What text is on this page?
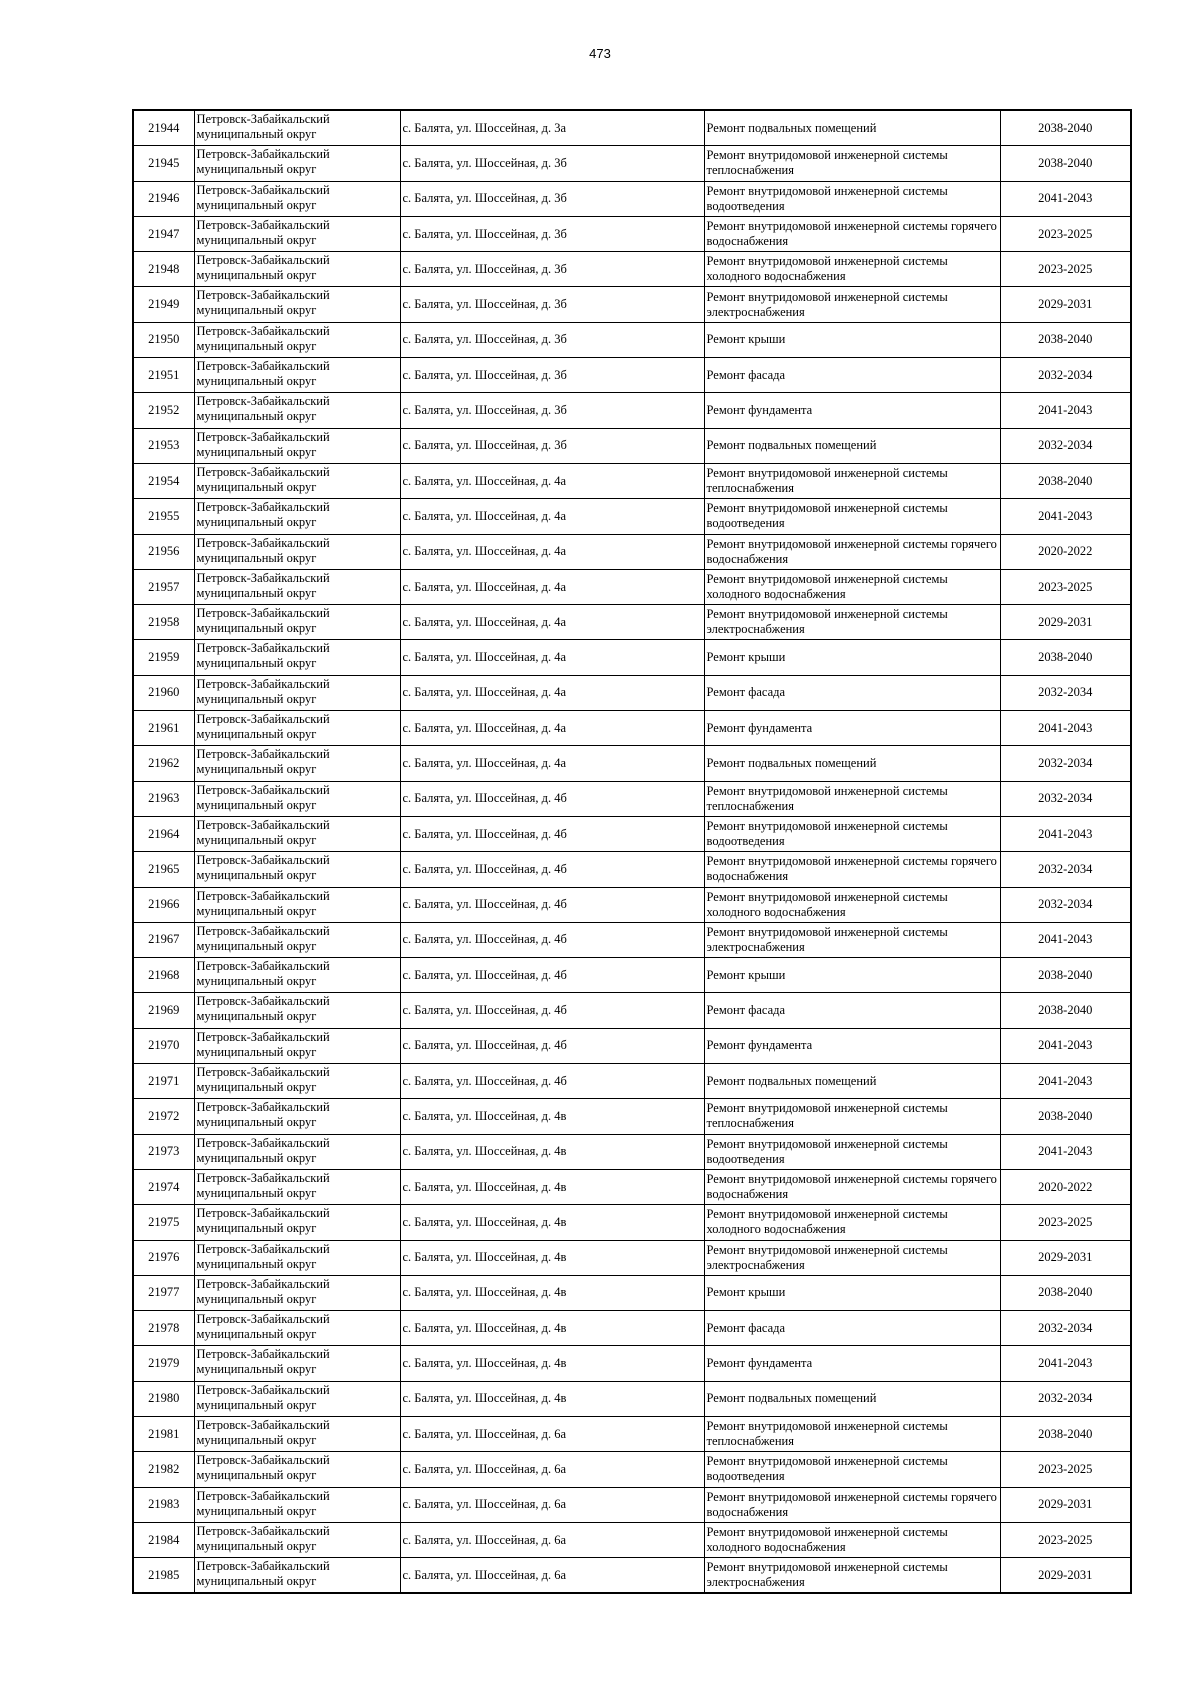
473
21944	Петровск-Забайкальский муниципальный округ	с. Балята, ул. Шоссейная, д. 3а	Ремонт подвальных помещений	2038-2040
21945	Петровск-Забайкальский муниципальный округ	с. Балята, ул. Шоссейная, д. 3б	Ремонт внутридомовой инженерной системы теплоснабжения	2038-2040
21946	Петровск-Забайкальский муниципальный округ	с. Балята, ул. Шоссейная, д. 3б	Ремонт внутридомовой инженерной системы водоотведения	2041-2043
21947	Петровск-Забайкальский муниципальный округ	с. Балята, ул. Шоссейная, д. 3б	Ремонт внутридомовой инженерной системы горячего водоснабжения	2023-2025
21948	Петровск-Забайкальский муниципальный округ	с. Балята, ул. Шоссейная, д. 3б	Ремонт внутридомовой инженерной системы холодного водоснабжения	2023-2025
21949	Петровск-Забайкальский муниципальный округ	с. Балята, ул. Шоссейная, д. 3б	Ремонт внутридомовой инженерной системы электроснабжения	2029-2031
21950	Петровск-Забайкальский муниципальный округ	с. Балята, ул. Шоссейная, д. 3б	Ремонт крыши	2038-2040
21951	Петровск-Забайкальский муниципальный округ	с. Балята, ул. Шоссейная, д. 3б	Ремонт фасада	2032-2034
21952	Петровск-Забайкальский муниципальный округ	с. Балята, ул. Шоссейная, д. 3б	Ремонт фундамента	2041-2043
21953	Петровск-Забайкальский муниципальный округ	с. Балята, ул. Шоссейная, д. 3б	Ремонт подвальных помещений	2032-2034
21954	Петровск-Забайкальский муниципальный округ	с. Балята, ул. Шоссейная, д. 4а	Ремонт внутридомовой инженерной системы теплоснабжения	2038-2040
21955	Петровск-Забайкальский муниципальный округ	с. Балята, ул. Шоссейная, д. 4а	Ремонт внутридомовой инженерной системы водоотведения	2041-2043
21956	Петровск-Забайкальский муниципальный округ	с. Балята, ул. Шоссейная, д. 4а	Ремонт внутридомовой инженерной системы горячего водоснабжения	2020-2022
21957	Петровск-Забайкальский муниципальный округ	с. Балята, ул. Шоссейная, д. 4а	Ремонт внутридомовой инженерной системы холодного водоснабжения	2023-2025
21958	Петровск-Забайкальский муниципальный округ	с. Балята, ул. Шоссейная, д. 4а	Ремонт внутридомовой инженерной системы электроснабжения	2029-2031
21959	Петровск-Забайкальский муниципальный округ	с. Балята, ул. Шоссейная, д. 4а	Ремонт крыши	2038-2040
21960	Петровск-Забайкальский муниципальный округ	с. Балята, ул. Шоссейная, д. 4а	Ремонт фасада	2032-2034
21961	Петровск-Забайкальский муниципальный округ	с. Балята, ул. Шоссейная, д. 4а	Ремонт фундамента	2041-2043
21962	Петровск-Забайкальский муниципальный округ	с. Балята, ул. Шоссейная, д. 4а	Ремонт подвальных помещений	2032-2034
21963	Петровск-Забайкальский муниципальный округ	с. Балята, ул. Шоссейная, д. 4б	Ремонт внутридомовой инженерной системы теплоснабжения	2032-2034
21964	Петровск-Забайкальский муниципальный округ	с. Балята, ул. Шоссейная, д. 4б	Ремонт внутридомовой инженерной системы водоотведения	2041-2043
21965	Петровск-Забайкальский муниципальный округ	с. Балята, ул. Шоссейная, д. 4б	Ремонт внутридомовой инженерной системы горячего водоснабжения	2032-2034
21966	Петровск-Забайкальский муниципальный округ	с. Балята, ул. Шоссейная, д. 4б	Ремонт внутридомовой инженерной системы холодного водоснабжения	2032-2034
21967	Петровск-Забайкальский муниципальный округ	с. Балята, ул. Шоссейная, д. 4б	Ремонт внутридомовой инженерной системы электроснабжения	2041-2043
21968	Петровск-Забайкальский муниципальный округ	с. Балята, ул. Шоссейная, д. 4б	Ремонт крыши	2038-2040
21969	Петровск-Забайкальский муниципальный округ	с. Балята, ул. Шоссейная, д. 4б	Ремонт фасада	2038-2040
21970	Петровск-Забайкальский муниципальный округ	с. Балята, ул. Шоссейная, д. 4б	Ремонт фундамента	2041-2043
21971	Петровск-Забайкальский муниципальный округ	с. Балята, ул. Шоссейная, д. 4б	Ремонт подвальных помещений	2041-2043
21972	Петровск-Забайкальский муниципальный округ	с. Балята, ул. Шоссейная, д. 4в	Ремонт внутридомовой инженерной системы теплоснабжения	2038-2040
21973	Петровск-Забайкальский муниципальный округ	с. Балята, ул. Шоссейная, д. 4в	Ремонт внутридомовой инженерной системы водоотведения	2041-2043
21974	Петровск-Забайкальский муниципальный округ	с. Балята, ул. Шоссейная, д. 4в	Ремонт внутридомовой инженерной системы горячего водоснабжения	2020-2022
21975	Петровск-Забайкальский муниципальный округ	с. Балята, ул. Шоссейная, д. 4в	Ремонт внутридомовой инженерной системы холодного водоснабжения	2023-2025
21976	Петровск-Забайкальский муниципальный округ	с. Балята, ул. Шоссейная, д. 4в	Ремонт внутридомовой инженерной системы электроснабжения	2029-2031
21977	Петровск-Забайкальский муниципальный округ	с. Балята, ул. Шоссейная, д. 4в	Ремонт крыши	2038-2040
21978	Петровск-Забайкальский муниципальный округ	с. Балята, ул. Шоссейная, д. 4в	Ремонт фасада	2032-2034
21979	Петровск-Забайкальский муниципальный округ	с. Балята, ул. Шоссейная, д. 4в	Ремонт фундамента	2041-2043
21980	Петровск-Забайкальский муниципальный округ	с. Балята, ул. Шоссейная, д. 4в	Ремонт подвальных помещений	2032-2034
21981	Петровск-Забайкальский муниципальный округ	с. Балята, ул. Шоссейная, д. 6а	Ремонт внутридомовой инженерной системы теплоснабжения	2038-2040
21982	Петровск-Забайкальский муниципальный округ	с. Балята, ул. Шоссейная, д. 6а	Ремонт внутридомовой инженерной системы водоотведения	2023-2025
21983	Петровск-Забайкальский муниципальный округ	с. Балята, ул. Шоссейная, д. 6а	Ремонт внутридомовой инженерной системы горячего водоснабжения	2029-2031
21984	Петровск-Забайкальский муниципальный округ	с. Балята, ул. Шоссейная, д. 6а	Ремонт внутридомовой инженерной системы холодного водоснабжения	2023-2025
21985	Петровск-Забайкальский муниципальный округ	с. Балята, ул. Шоссейная, д. 6а	Ремонт внутридомовой инженерной системы электроснабжения	2029-2031
